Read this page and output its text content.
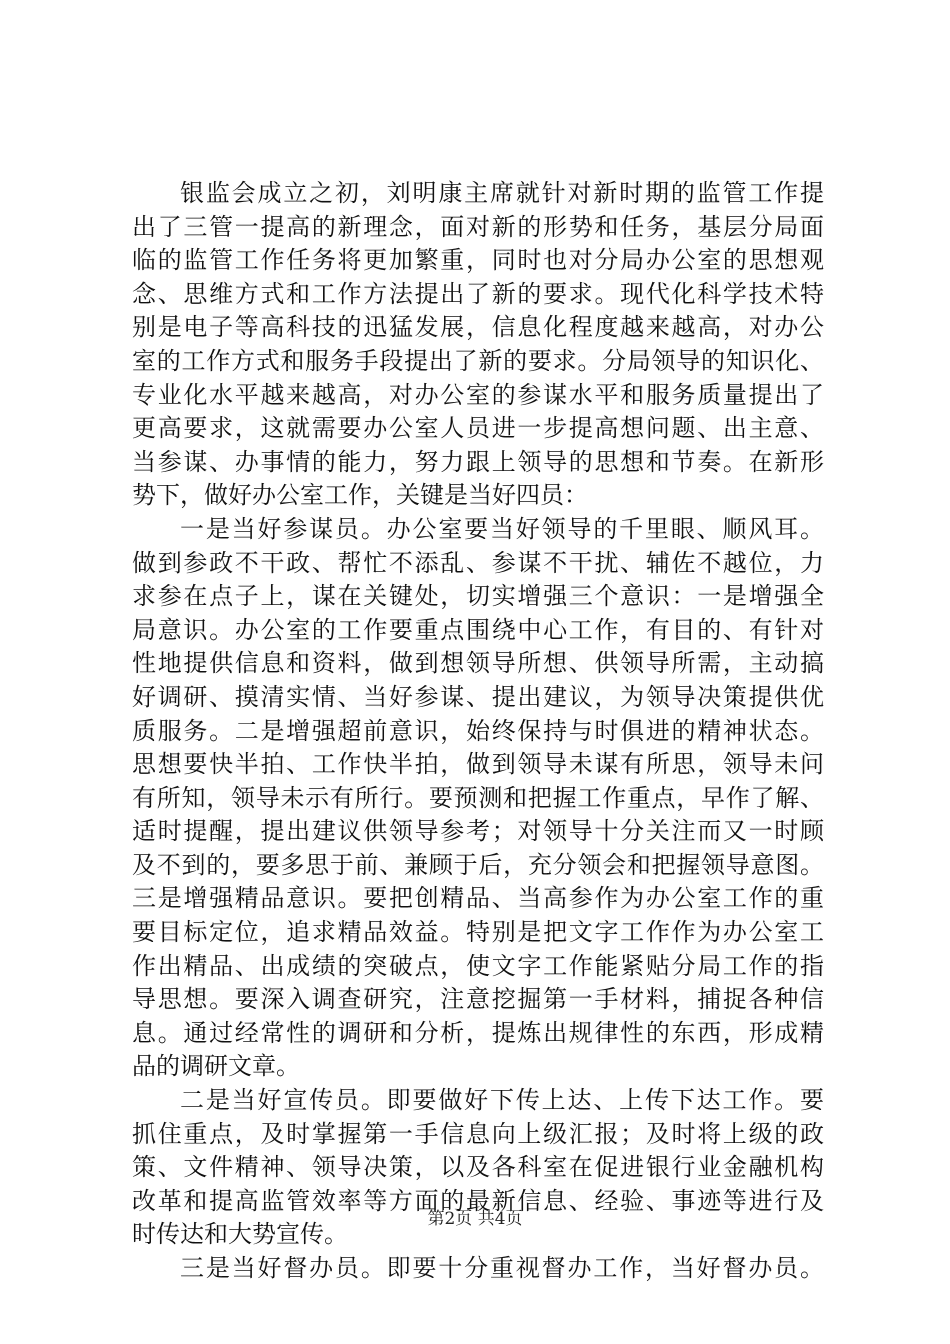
银监会成立之初，刘明康主席就针对新时期的监管工作提
出了三管一提高的新理念，面对新的形势和任务，基层分局面
临的监管工作任务将更加繁重，同时也对分局办公室的思想观
念、思维方式和工作方法提出了新的要求。现代化科学技术特
别是电子等高科技的迅猛发展，信息化程度越来越高，对办公
室的工作方式和服务手段提出了新的要求。分局领导的知识化、
专业化水平越来越高，对办公室的参谋水平和服务质量提出了
更高要求，这就需要办公室人员进一步提高想问题、出主意、
当参谋、办事情的能力，努力跟上领导的思想和节奏。在新形
势下，做好办公室工作，关键是当好四员：
一是当好参谋员。办公室要当好领导的千里眼、顺风耳。
做到参政不干政、帮忙不添乱、参谋不干扰、辅佐不越位，力
求参在点子上，谋在关键处，切实增强三个意识：一是增强全
局意识。办公室的工作要重点围绕中心工作，有目的、有针对
性地提供信息和资料，做到想领导所想、供领导所需，主动搞
好调研、摸清实情、当好参谋、提出建议，为领导决策提供优
质服务。二是增强超前意识，始终保持与时俱进的精神状态。
思想要快半拍、工作快半拍，做到领导未谋有所思，领导未问
有所知，领导未示有所行。要预测和把握工作重点，早作了解、
适时提醒，提出建议供领导参考；对领导十分关注而又一时顾
及不到的，要多思于前、兼顾于后，充分领会和把握领导意图。
三是增强精品意识。要把创精品、当高参作为办公室工作的重
要目标定位，追求精品效益。特别是把文字工作作为办公室工
作出精品、出成绩的突破点，使文字工作能紧贴分局工作的指
导思想。要深入调查研究，注意挖掘第一手材料，捕捉各种信
息。通过经常性的调研和分析，提炼出规律性的东西，形成精
品的调研文章。
二是当好宣传员。即要做好下传上达、上传下达工作。要
抓住重点，及时掌握第一手信息向上级汇报；及时将上级的政
策、文件精神、领导决策，以及各科室在促进银行业金融机构
改革和提高监管效率等方面的最新信息、经验、事迹等进行及
时传达和大势宣传。
三是当好督办员。即要十分重视督办工作，当好督办员。
第2页 共4页
